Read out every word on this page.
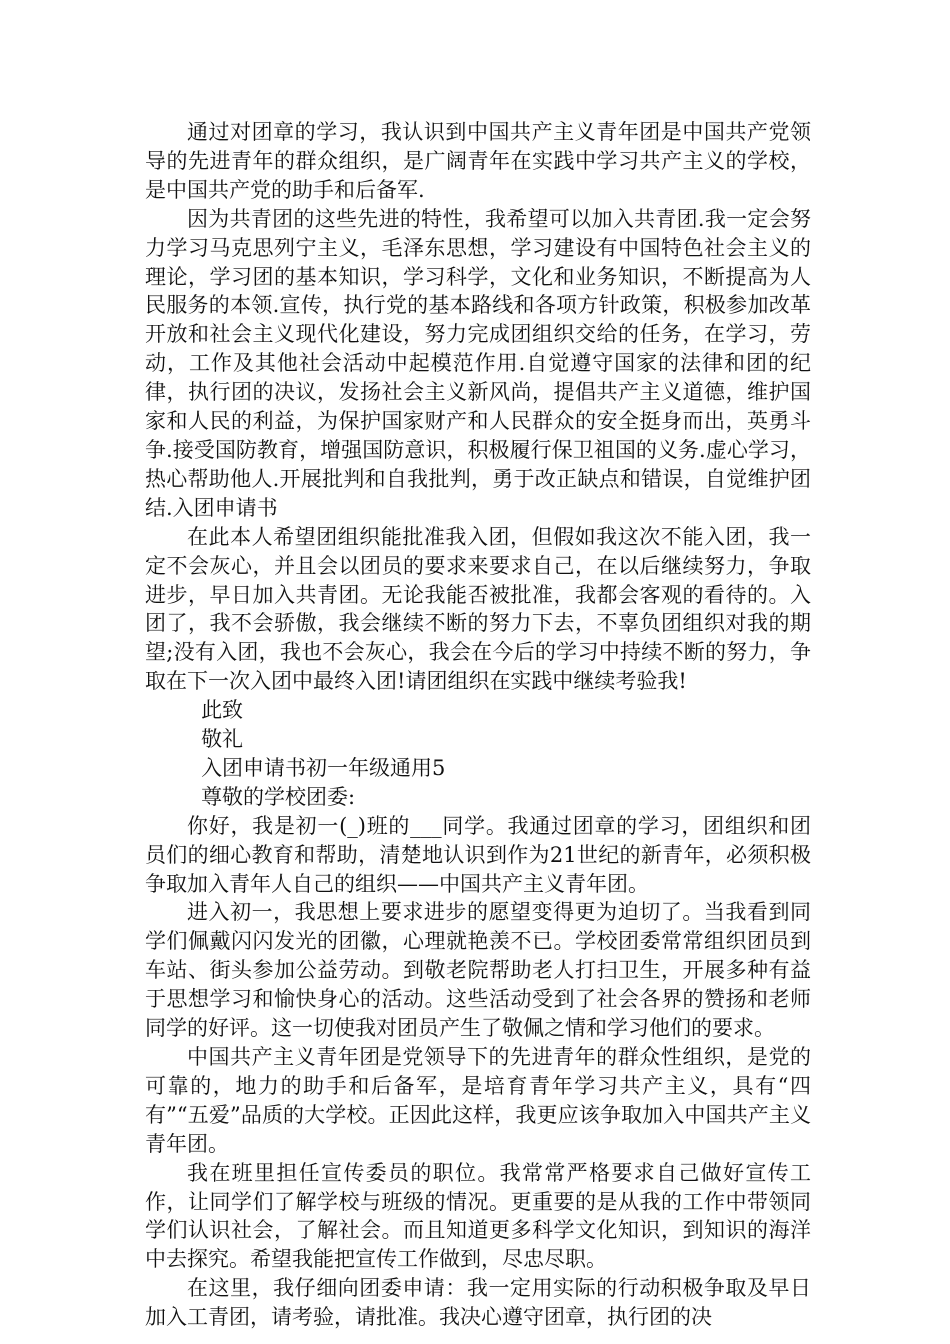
通过对团章的学习，我认识到中国共产主义青年团是中国共产党领导的先进青年的群众组织，是广阔青年在实践中学习共产主义的学校，是中国共产党的助手和后备军.

因为共青团的这些先进的特性，我希望可以加入共青团.我一定会努力学习马克思列宁主义，毛泽东思想，学习建设有中国特色社会主义的理论，学习团的基本知识，学习科学，文化和业务知识，不断提高为人民服务的本领.宣传，执行党的基本路线和各项方针政策，积极参加改革开放和社会主义现代化建设，努力完成团组织交给的任务，在学习，劳动，工作及其他社会活动中起模范作用.自觉遵守国家的法律和团的纪律，执行团的决议，发扬社会主义新风尚，提倡共产主义道德，维护国家和人民的利益，为保护国家财产和人民群众的安全挺身而出，英勇斗争.接受国防教育，增强国防意识，积极履行保卫祖国的义务.虚心学习，热心帮助他人.开展批判和自我批判，勇于改正缺点和错误，自觉维护团结.入团申请书

在此本人希望团组织能批准我入团，但假如我这次不能入团，我一定不会灰心，并且会以团员的要求来要求自己，在以后继续努力，争取进步，早日加入共青团。无论我能否被批准，我都会客观的看待的。入团了，我不会骄傲，我会继续不断的努力下去，不辜负团组织对我的期望;没有入团，我也不会灰心，我会在今后的学习中持续不断的努力，争取在下一次入团中最终入团!请团组织在实践中继续考验我!

此致

敬礼

入团申请书初一年级通用5

尊敬的学校团委:

你好，我是初一(_)班的___同学。我通过团章的学习，团组织和团员们的细心教育和帮助，清楚地认识到作为21世纪的新青年，必须积极争取加入青年人自己的组织——中国共产主义青年团。

进入初一，我思想上要求进步的愿望变得更为迫切了。当我看到同学们佩戴闪闪发光的团徽，心理就艳羡不已。学校团委常常组织团员到车站、街头参加公益劳动。到敬老院帮助老人打扫卫生，开展多种有益于思想学习和愉快身心的活动。这些活动受到了社会各界的赞扬和老师同学的好评。这一切使我对团员产生了敬佩之情和学习他们的要求。

中国共产主义青年团是党领导下的先进青年的群众性组织，是党的可靠的，地力的助手和后备军，是培育青年学习共产主义，具有“四有”“五爱”品质的大学校。正因此这样，我更应该争取加入中国共产主义青年团。

我在班里担任宣传委员的职位。我常常严格要求自己做好宣传工作，让同学们了解学校与班级的情况。更重要的是从我的工作中带领同学们认识社会，了解社会。而且知道更多科学文化知识，到知识的海洋中去探究。希望我能把宣传工作做到，尽忠尽职。

在这里，我仔细向团委申请：我一定用实际的行动积极争取及早日加入工青团，请考验，请批准。我决心遵守团章，执行团的决
